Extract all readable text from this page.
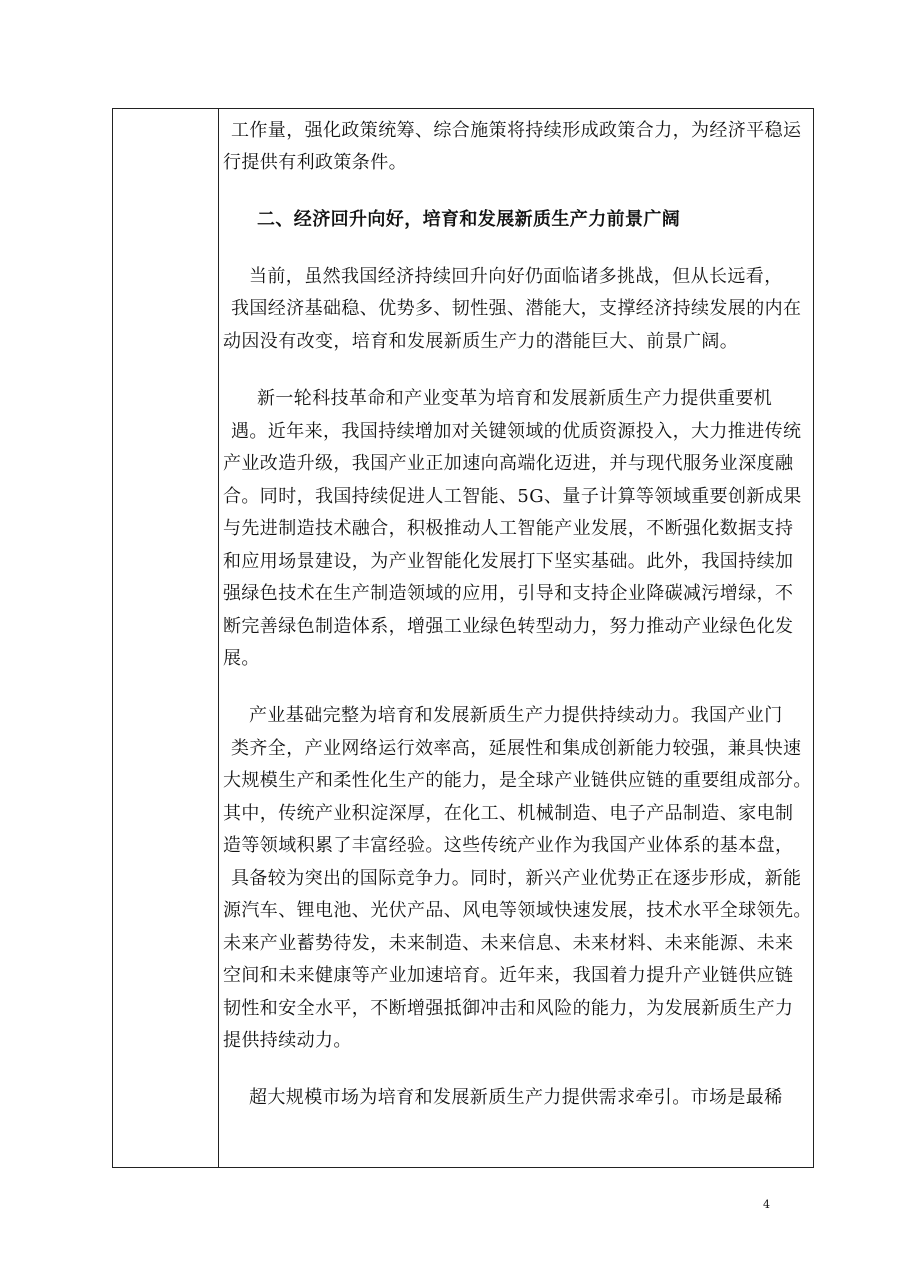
工作量，强化政策统筹、综合施策将持续形成政策合力，为经济平稳运
行提供有利政策条件。
二、经济回升向好，培育和发展新质生产力前景广阔
当前，虽然我国经济持续回升向好仍面临诸多挑战，但从长远看，
我国经济基础稳、优势多、韧性强、潜能大，支撑经济持续发展的内在
动因没有改变，培育和发展新质生产力的潜能巨大、前景广阔。
新一轮科技革命和产业变革为培育和发展新质生产力提供重要机
遇。近年来，我国持续增加对关键领域的优质资源投入，大力推进传统
产业改造升级，我国产业正加速向高端化迈进，并与现代服务业深度融
合。同时，我国持续促进人工智能、5G、量子计算等领域重要创新成果
与先进制造技术融合，积极推动人工智能产业发展，不断强化数据支持
和应用场景建设，为产业智能化发展打下坚实基础。此外，我国持续加
强绿色技术在生产制造领域的应用，引导和支持企业降碳减污增绿，不
断完善绿色制造体系，增强工业绿色转型动力，努力推动产业绿色化发
展。
产业基础完整为培育和发展新质生产力提供持续动力。我国产业门
类齐全，产业网络运行效率高，延展性和集成创新能力较强，兼具快速
大规模生产和柔性化生产的能力，是全球产业链供应链的重要组成部分。
其中，传统产业积淀深厚，在化工、机械制造、电子产品制造、家电制
造等领域积累了丰富经验。这些传统产业作为我国产业体系的基本盘，
具备较为突出的国际竞争力。同时，新兴产业优势正在逐步形成，新能
源汽车、锂电池、光伏产品、风电等领域快速发展，技术水平全球领先。
未来产业蓄势待发，未来制造、未来信息、未来材料、未来能源、未来
空间和未来健康等产业加速培育。近年来，我国着力提升产业链供应链
韧性和安全水平，不断增强抵御冲击和风险的能力，为发展新质生产力
提供持续动力。
超大规模市场为培育和发展新质生产力提供需求牵引。市场是最稀
4
